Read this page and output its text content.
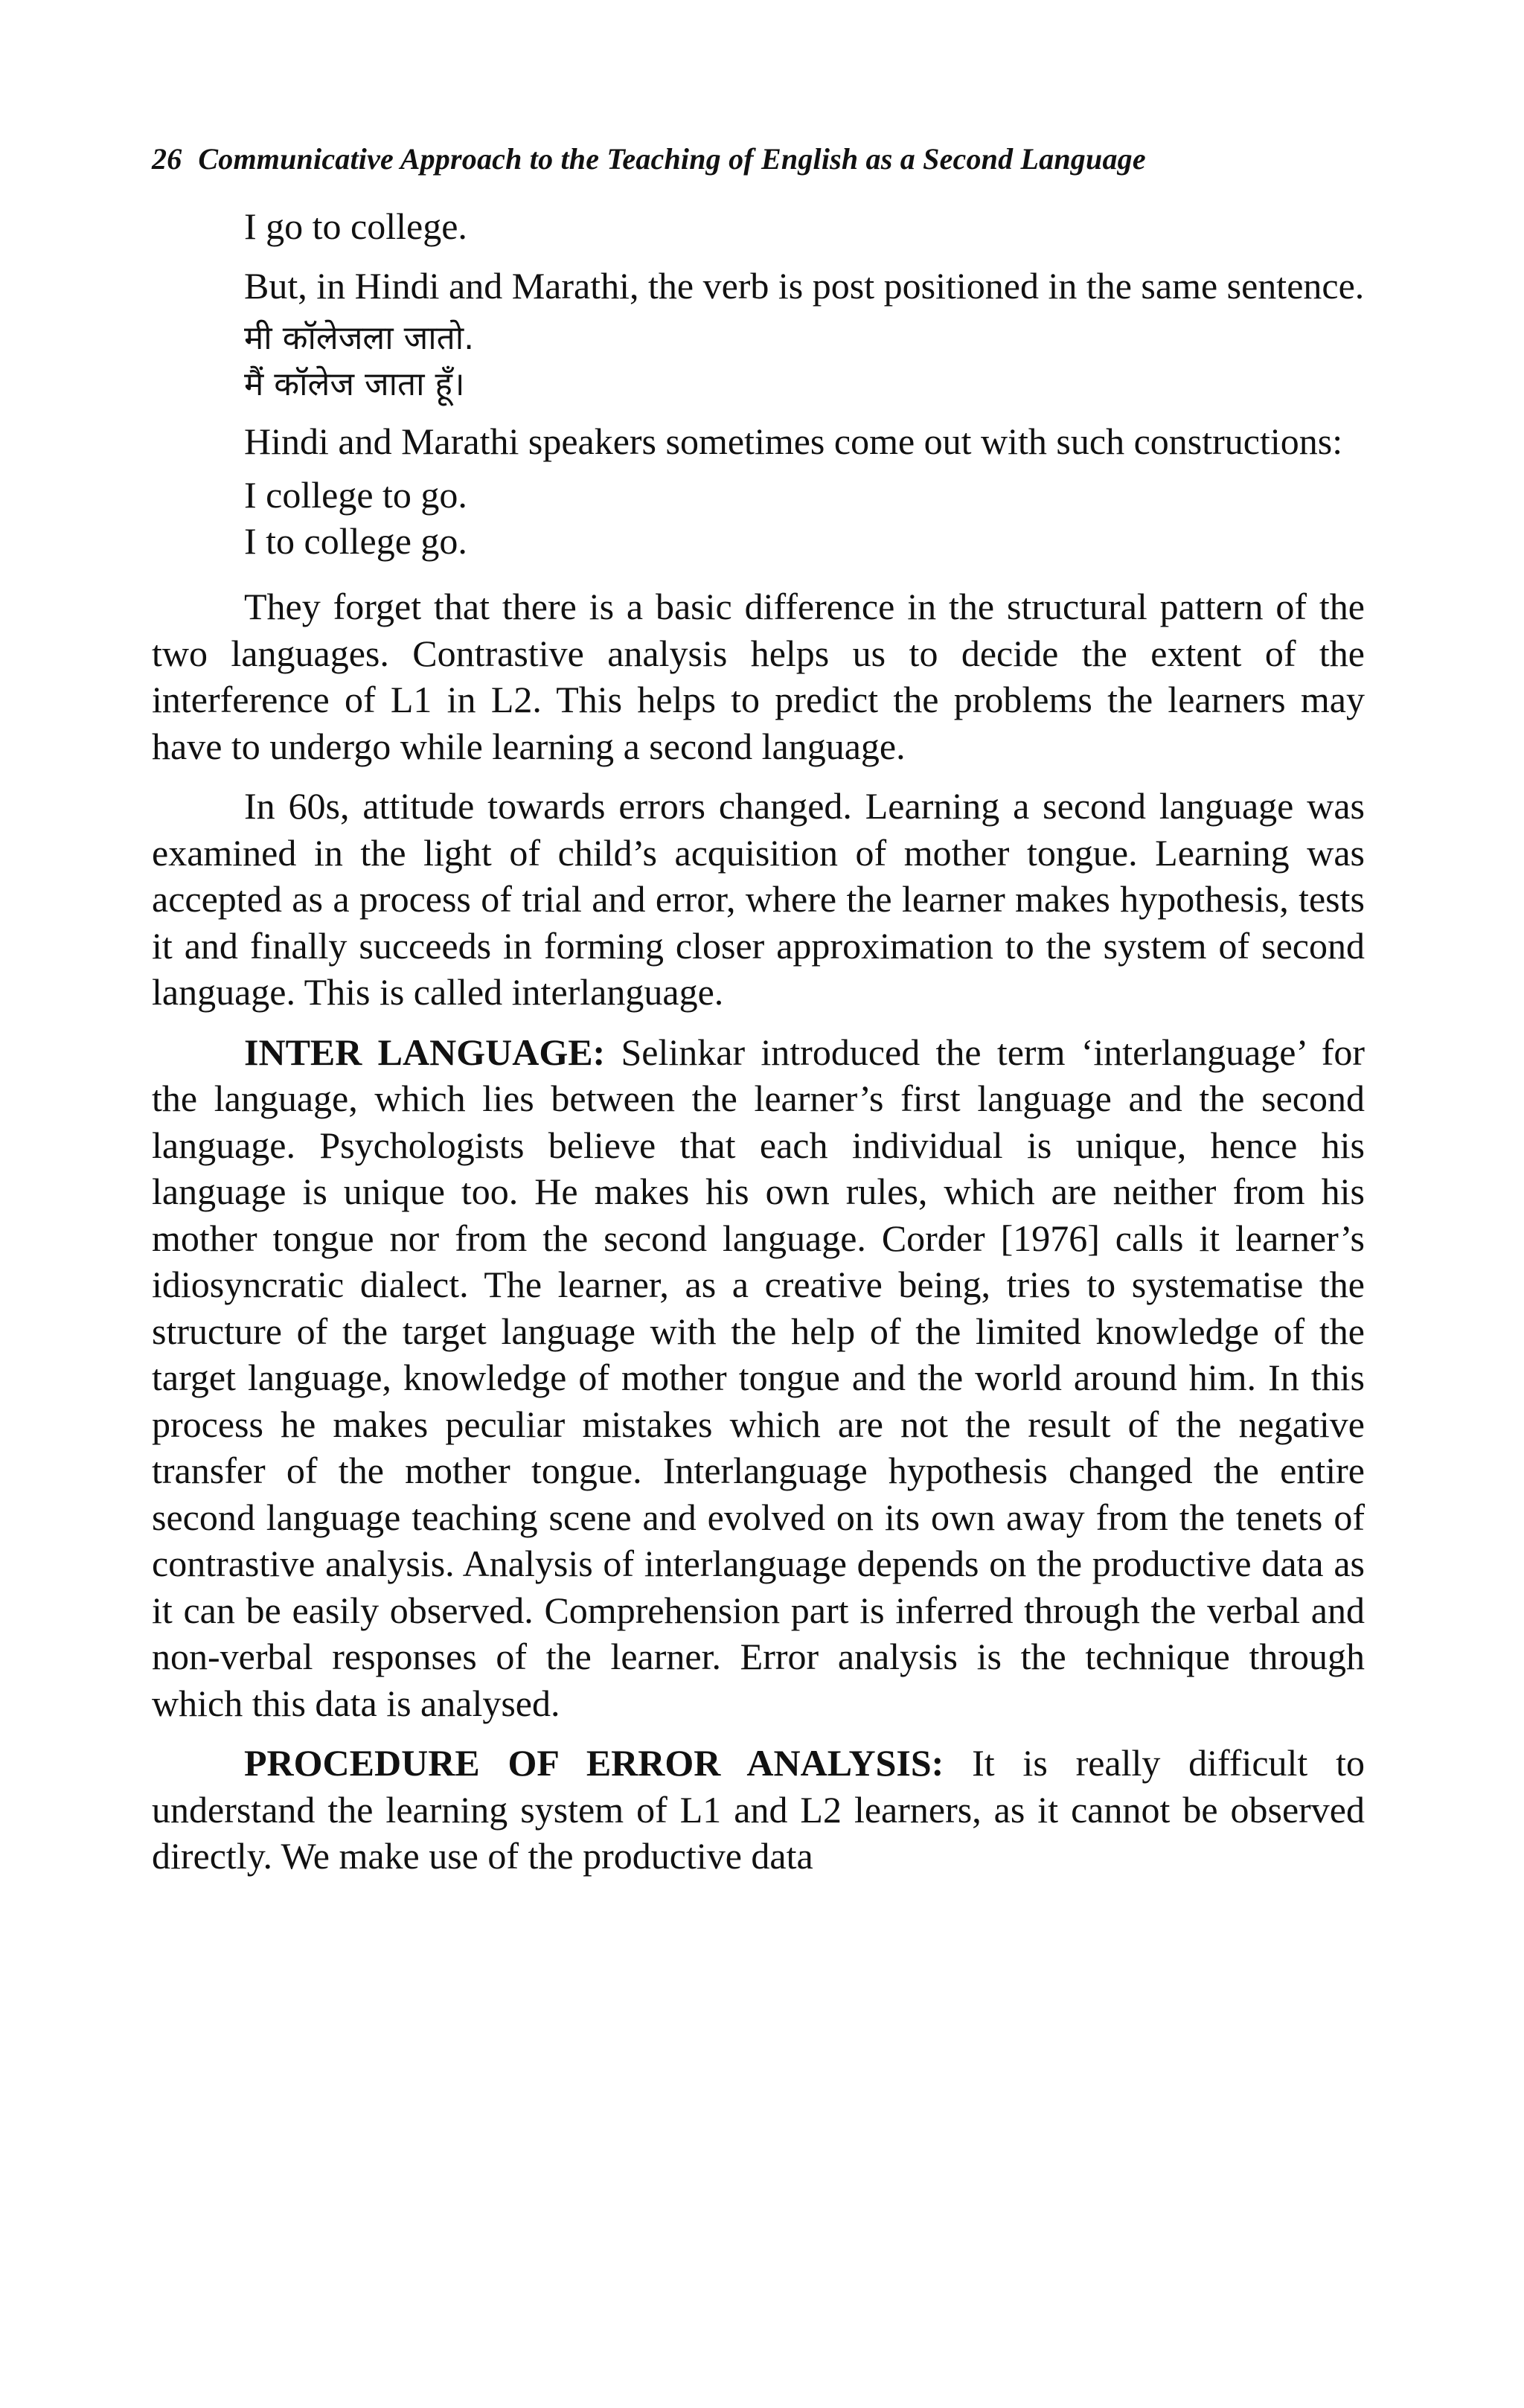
26 Communicative Approach to the Teaching of English as a Second Language
I go to college.

But, in Hindi and Marathi, the verb is post positioned in the same sentence.

मी कॉलेजला जातो.
मैं कॉलेज जाता हूँ।

Hindi and Marathi speakers sometimes come out with such constructions:

I college to go.
I to college go.

They forget that there is a basic difference in the structural pattern of the two languages. Contrastive analysis helps us to decide the extent of the interference of L1 in L2. This helps to predict the problems the learners may have to undergo while learning a second language.

In 60s, attitude towards errors changed. Learning a second language was examined in the light of child’s acquisition of mother tongue. Learning was accepted as a process of trial and error, where the learner makes hypothesis, tests it and finally succeeds in forming closer approximation to the system of second language. This is called interlanguage.

INTER LANGUAGE: Selinkar introduced the term ‘interlanguage’ for the language, which lies between the learner’s first language and the second language. Psychologists believe that each individual is unique, hence his language is unique too. He makes his own rules, which are neither from his mother tongue nor from the second language. Corder [1976] calls it learner’s idiosyncratic dialect. The learner, as a creative being, tries to systematise the structure of the target language with the help of the limited knowledge of the target language, knowledge of mother tongue and the world around him. In this process he makes peculiar mistakes which are not the result of the negative transfer of the mother tongue. Interlanguage hypothesis changed the entire second language teaching scene and evolved on its own away from the tenets of contrastive analysis. Analysis of interlanguage depends on the productive data as it can be easily observed. Comprehension part is inferred through the verbal and non-verbal responses of the learner. Error analysis is the technique through which this data is analysed.

PROCEDURE OF ERROR ANALYSIS: It is really difficult to understand the learning system of L1 and L2 learners, as it cannot be observed directly. We make use of the productive data
